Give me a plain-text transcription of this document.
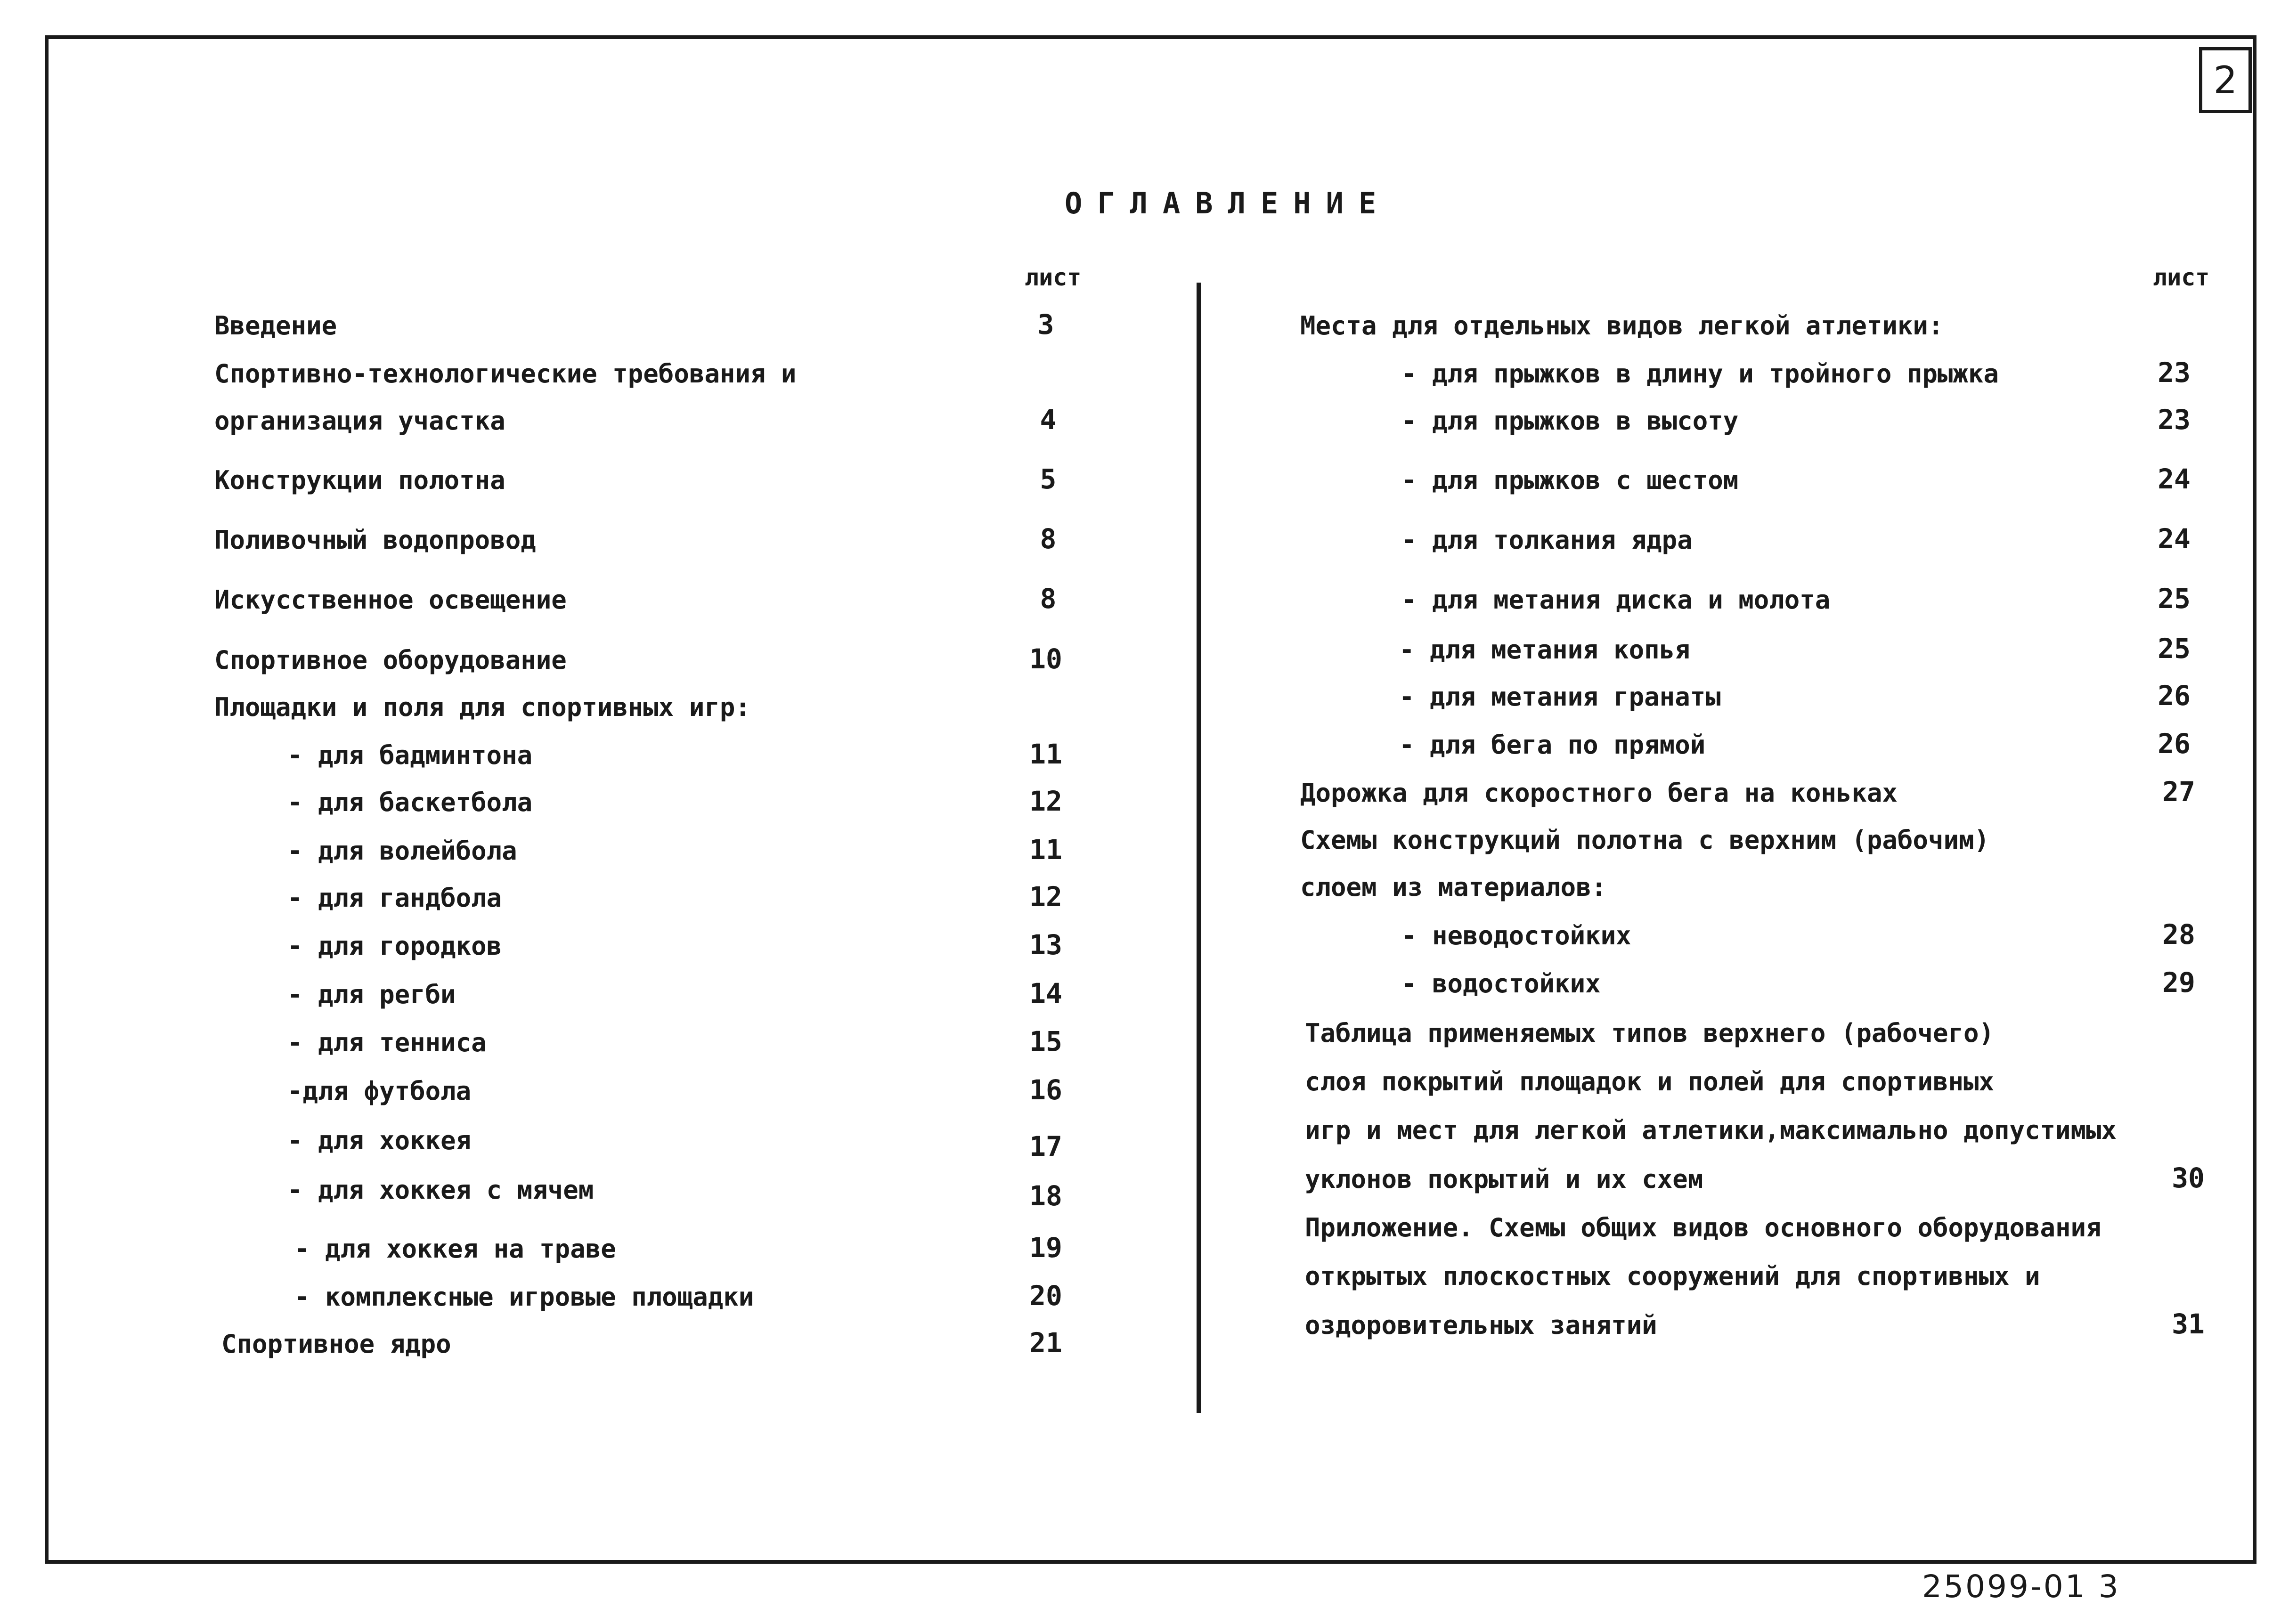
2
ОГЛАВЛЕНИЕ
лист	лист
Введение	3
Спортивно-технологические требования и
организация участка	4
Конструкции полотна	5
Поливочный водопровод	8
Искусственное освещение	8
Спортивное оборудование	10
Площадки и поля для спортивных игр:
- для бадминтона	11
- для баскетбола	12
- для волейбола	11
- для гандбола	12
- для городков	13
- для регби	14
- для тенниса	15
-для футбола	16
- для хоккея	17
- для хоккея с мячем	18
- для хоккея на траве	19
- комплексные игровые площадки	20
Спортивное ядро	21
Места для отдельных видов легкой атлетики:
- для прыжков в длину и тройного прыжка	23
- для прыжков в высоту	23
- для прыжков с шестом	24
- для толкания ядра	24
- для метания диска и молота	25
- для метания копья	25
- для метания гранаты	26
- для бега по прямой	26
Дорожка для скоростного бега на коньках	27
Схемы конструкций полотна с верхним (рабочим)
слоем из материалов:
- неводостойких	28
- водостойких	29
Таблица применяемых типов верхнего (рабочего)
слоя покрытий площадок и полей для спортивных
игр и мест для легкой атлетики,максимально допустимых
уклонов покрытий и их схем	30
Приложение. Схемы общих видов основного оборудования
открытых плоскостных сооружений для спортивных и
оздоровительных занятий	31
25099-01 3
